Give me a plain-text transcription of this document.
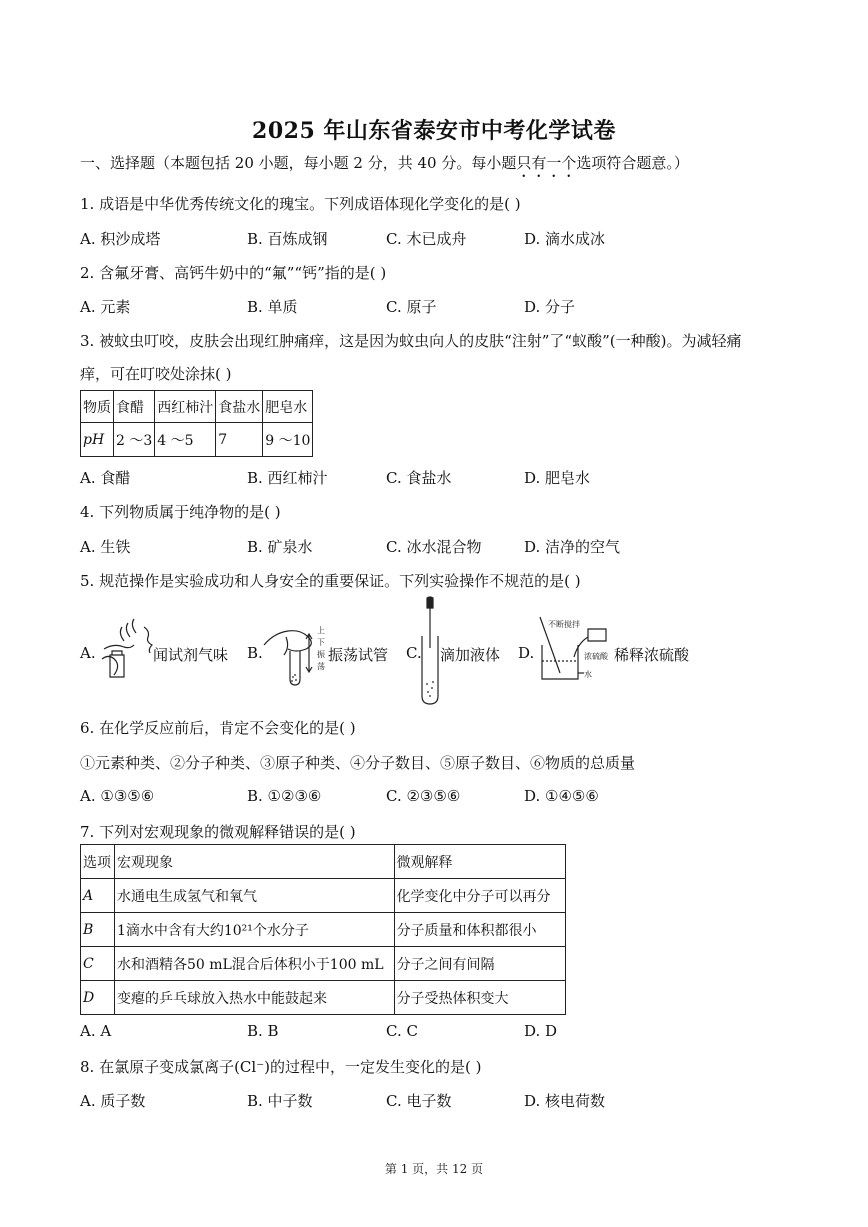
2025 年山东省泰安市中考化学试卷
一、选择题（本题包括 20 小题，每小题 2 分，共 40 分。每小题只有一个选项符合题意。）
1. 成语是中华优秀传统文化的瑰宝。下列成语体现化学变化的是( )
A. 积沙成塔	B. 百炼成钢	C. 木已成舟	D. 滴水成冰
2. 含氟牙膏、高钙牛奶中的“氟”“钙”指的是( )
A. 元素	B. 单质	C. 原子	D. 分子
3. 被蚊虫叮咬，皮肤会出现红肿痛痒，这是因为蚊虫向人的皮肤“注射”了“蚁酸”(一种酸)。为减轻痛
痒，可在叮咬处涂抹( )
物质	食醋	西红柿汁	食盐水	肥皂水
pH	2 ～3	4 ～5	7	9 ～10
A. 食醋	B. 西红柿汁	C. 食盐水	D. 肥皂水
4. 下列物质属于纯净物的是( )
A. 生铁	B. 矿泉水	C. 冰水混合物	D. 洁净的空气
5. 规范操作是实验成功和人身安全的重要保证。下列实验操作不规范的是( )
A.	闻试剂气味 B.
上
下
振
荡
振荡试管 C. 滴加液体 D.
不断搅拌
浓硫酸
水
稀释浓硫酸
6. 在化学反应前后，肯定不会变化的是( )
①元素种类、②分子种类、③原子种类、④分子数目、⑤原子数目、⑥物质的总质量
A. ①③⑤⑥	B. ①②③⑥	C. ②③⑤⑥	D. ①④⑤⑥
7. 下列对宏观现象的微观解释错误的是( )
选项	宏观现象	微观解释
A	水通电生成氢气和氧气	化学变化中分子可以再分
B	1滴水中含有大约10²¹个水分子	分子质量和体积都很小
C	水和酒精各50 mL混合后体积小于100 mL	分子之间有间隔
D	变瘪的乒乓球放入热水中能鼓起来	分子受热体积变大
A. A	B. B	C. C	D. D
8. 在氯原子变成氯离子(Cl⁻)的过程中，一定发生变化的是( )
A. 质子数	B. 中子数	C. 电子数	D. 核电荷数
第 1 页，共 12 页
